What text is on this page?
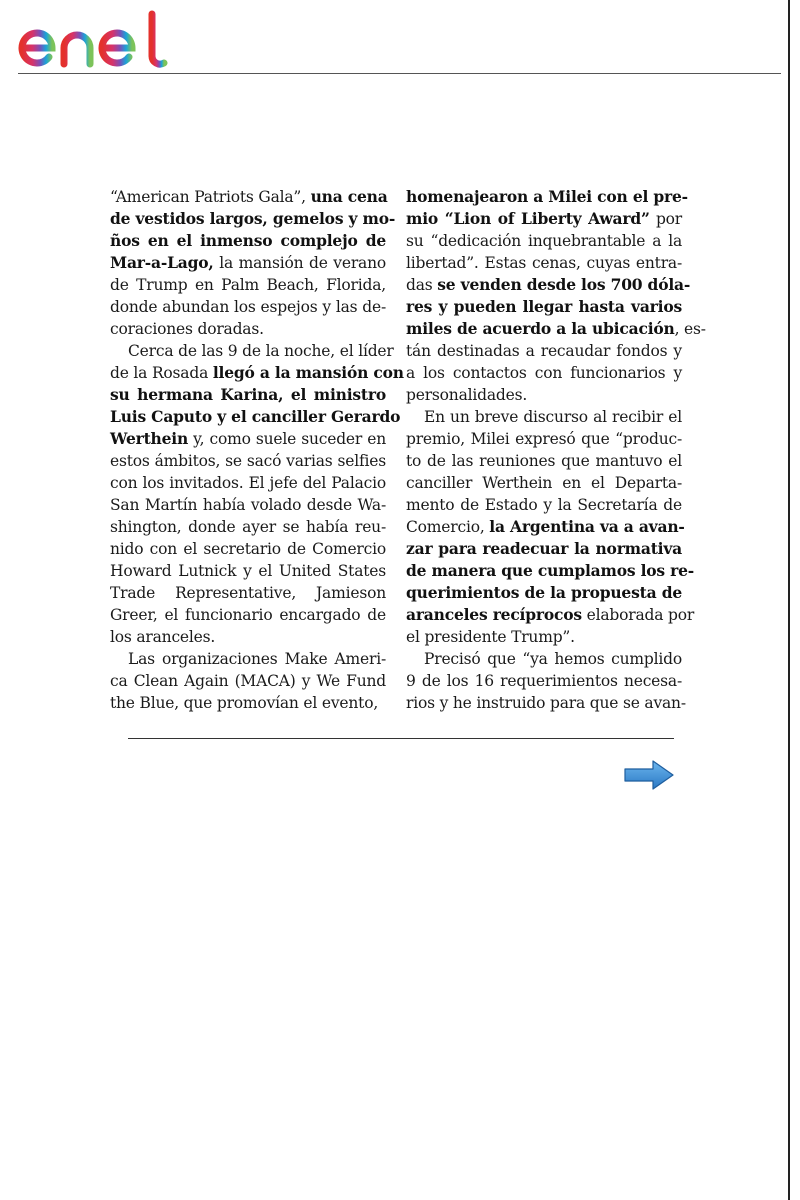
“American Patriots Gala”, una cena
de vestidos largos, gemelos y mo-
ños en el inmenso complejo de
Mar-a-Lago, la mansión de verano
de Trump en Palm Beach, Florida,
donde abundan los espejos y las de-
coraciones doradas.
Cerca de las 9 de la noche, el líder
de la Rosada llegó a la mansión con
su hermana Karina, el ministro
Luis Caputo y el canciller Gerardo
Werthein y, como suele suceder en
estos ámbitos, se sacó varias selfies
con los invitados. El jefe del Palacio
San Martín había volado desde Wa-
shington, donde ayer se había reu-
nido con el secretario de Comercio
Howard Lutnick y el United States
Trade Representative, Jamieson
Greer, el funcionario encargado de
los aranceles.
Las organizaciones Make Ameri-
ca Clean Again (MACA) y We Fund
the Blue, que promovían el evento,
homenajearon a Milei con el pre-
mio “Lion of Liberty Award” por
su “dedicación inquebrantable a la
libertad”. Estas cenas, cuyas entra-
das se venden desde los 700 dóla-
res y pueden llegar hasta varios
miles de acuerdo a la ubicación, es-
tán destinadas a recaudar fondos y
a los contactos con funcionarios y
personalidades.
En un breve discurso al recibir el
premio, Milei expresó que “produc-
to de las reuniones que mantuvo el
canciller Werthein en el Departa-
mento de Estado y la Secretaría de
Comercio, la Argentina va a avan-
zar para readecuar la normativa
de manera que cumplamos los re-
querimientos de la propuesta de
aranceles recíprocos elaborada por
el presidente Trump”.
Precisó que “ya hemos cumplido
9 de los 16 requerimientos necesa-
rios y he instruido para que se avan-
